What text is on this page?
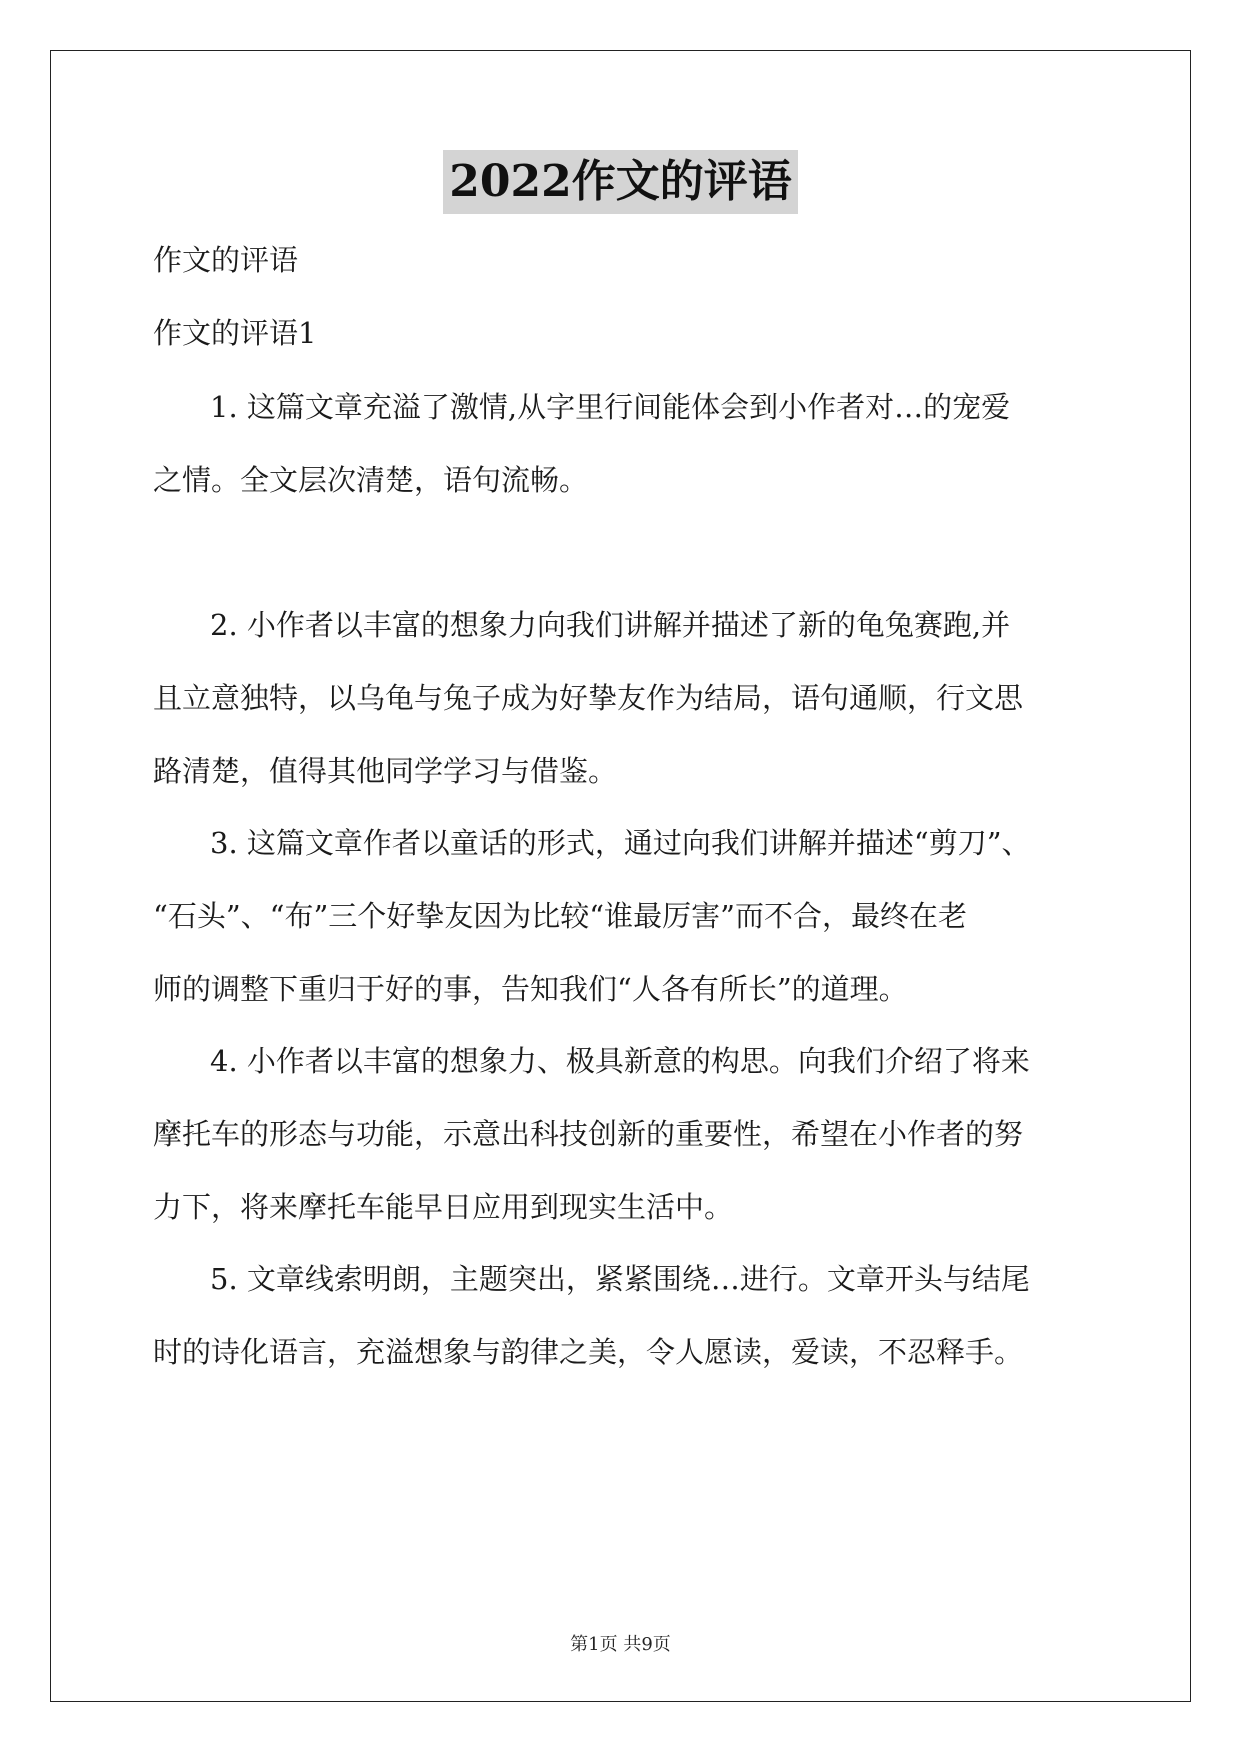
2022作文的评语
作文的评语
作文的评语1
1. 这篇文章充溢了激情,从字里行间能体会到小作者对…的宠爱
之情。全文层次清楚，语句流畅。
2. 小作者以丰富的想象力向我们讲解并描述了新的龟兔赛跑,并
且立意独特，以乌龟与兔子成为好挚友作为结局，语句通顺，行文思
路清楚，值得其他同学学习与借鉴。
3. 这篇文章作者以童话的形式，通过向我们讲解并描述“剪刀”、
“石头”、“布”三个好挚友因为比较“谁最厉害”而不合，最终在老
师的调整下重归于好的事，告知我们“人各有所长”的道理。
4. 小作者以丰富的想象力、极具新意的构思。向我们介绍了将来
摩托车的形态与功能，示意出科技创新的重要性，希望在小作者的努
力下，将来摩托车能早日应用到现实生活中。
5. 文章线索明朗，主题突出，紧紧围绕…进行。文章开头与结尾
时的诗化语言，充溢想象与韵律之美，令人愿读，爱读，不忍释手。
第1页 共9页
